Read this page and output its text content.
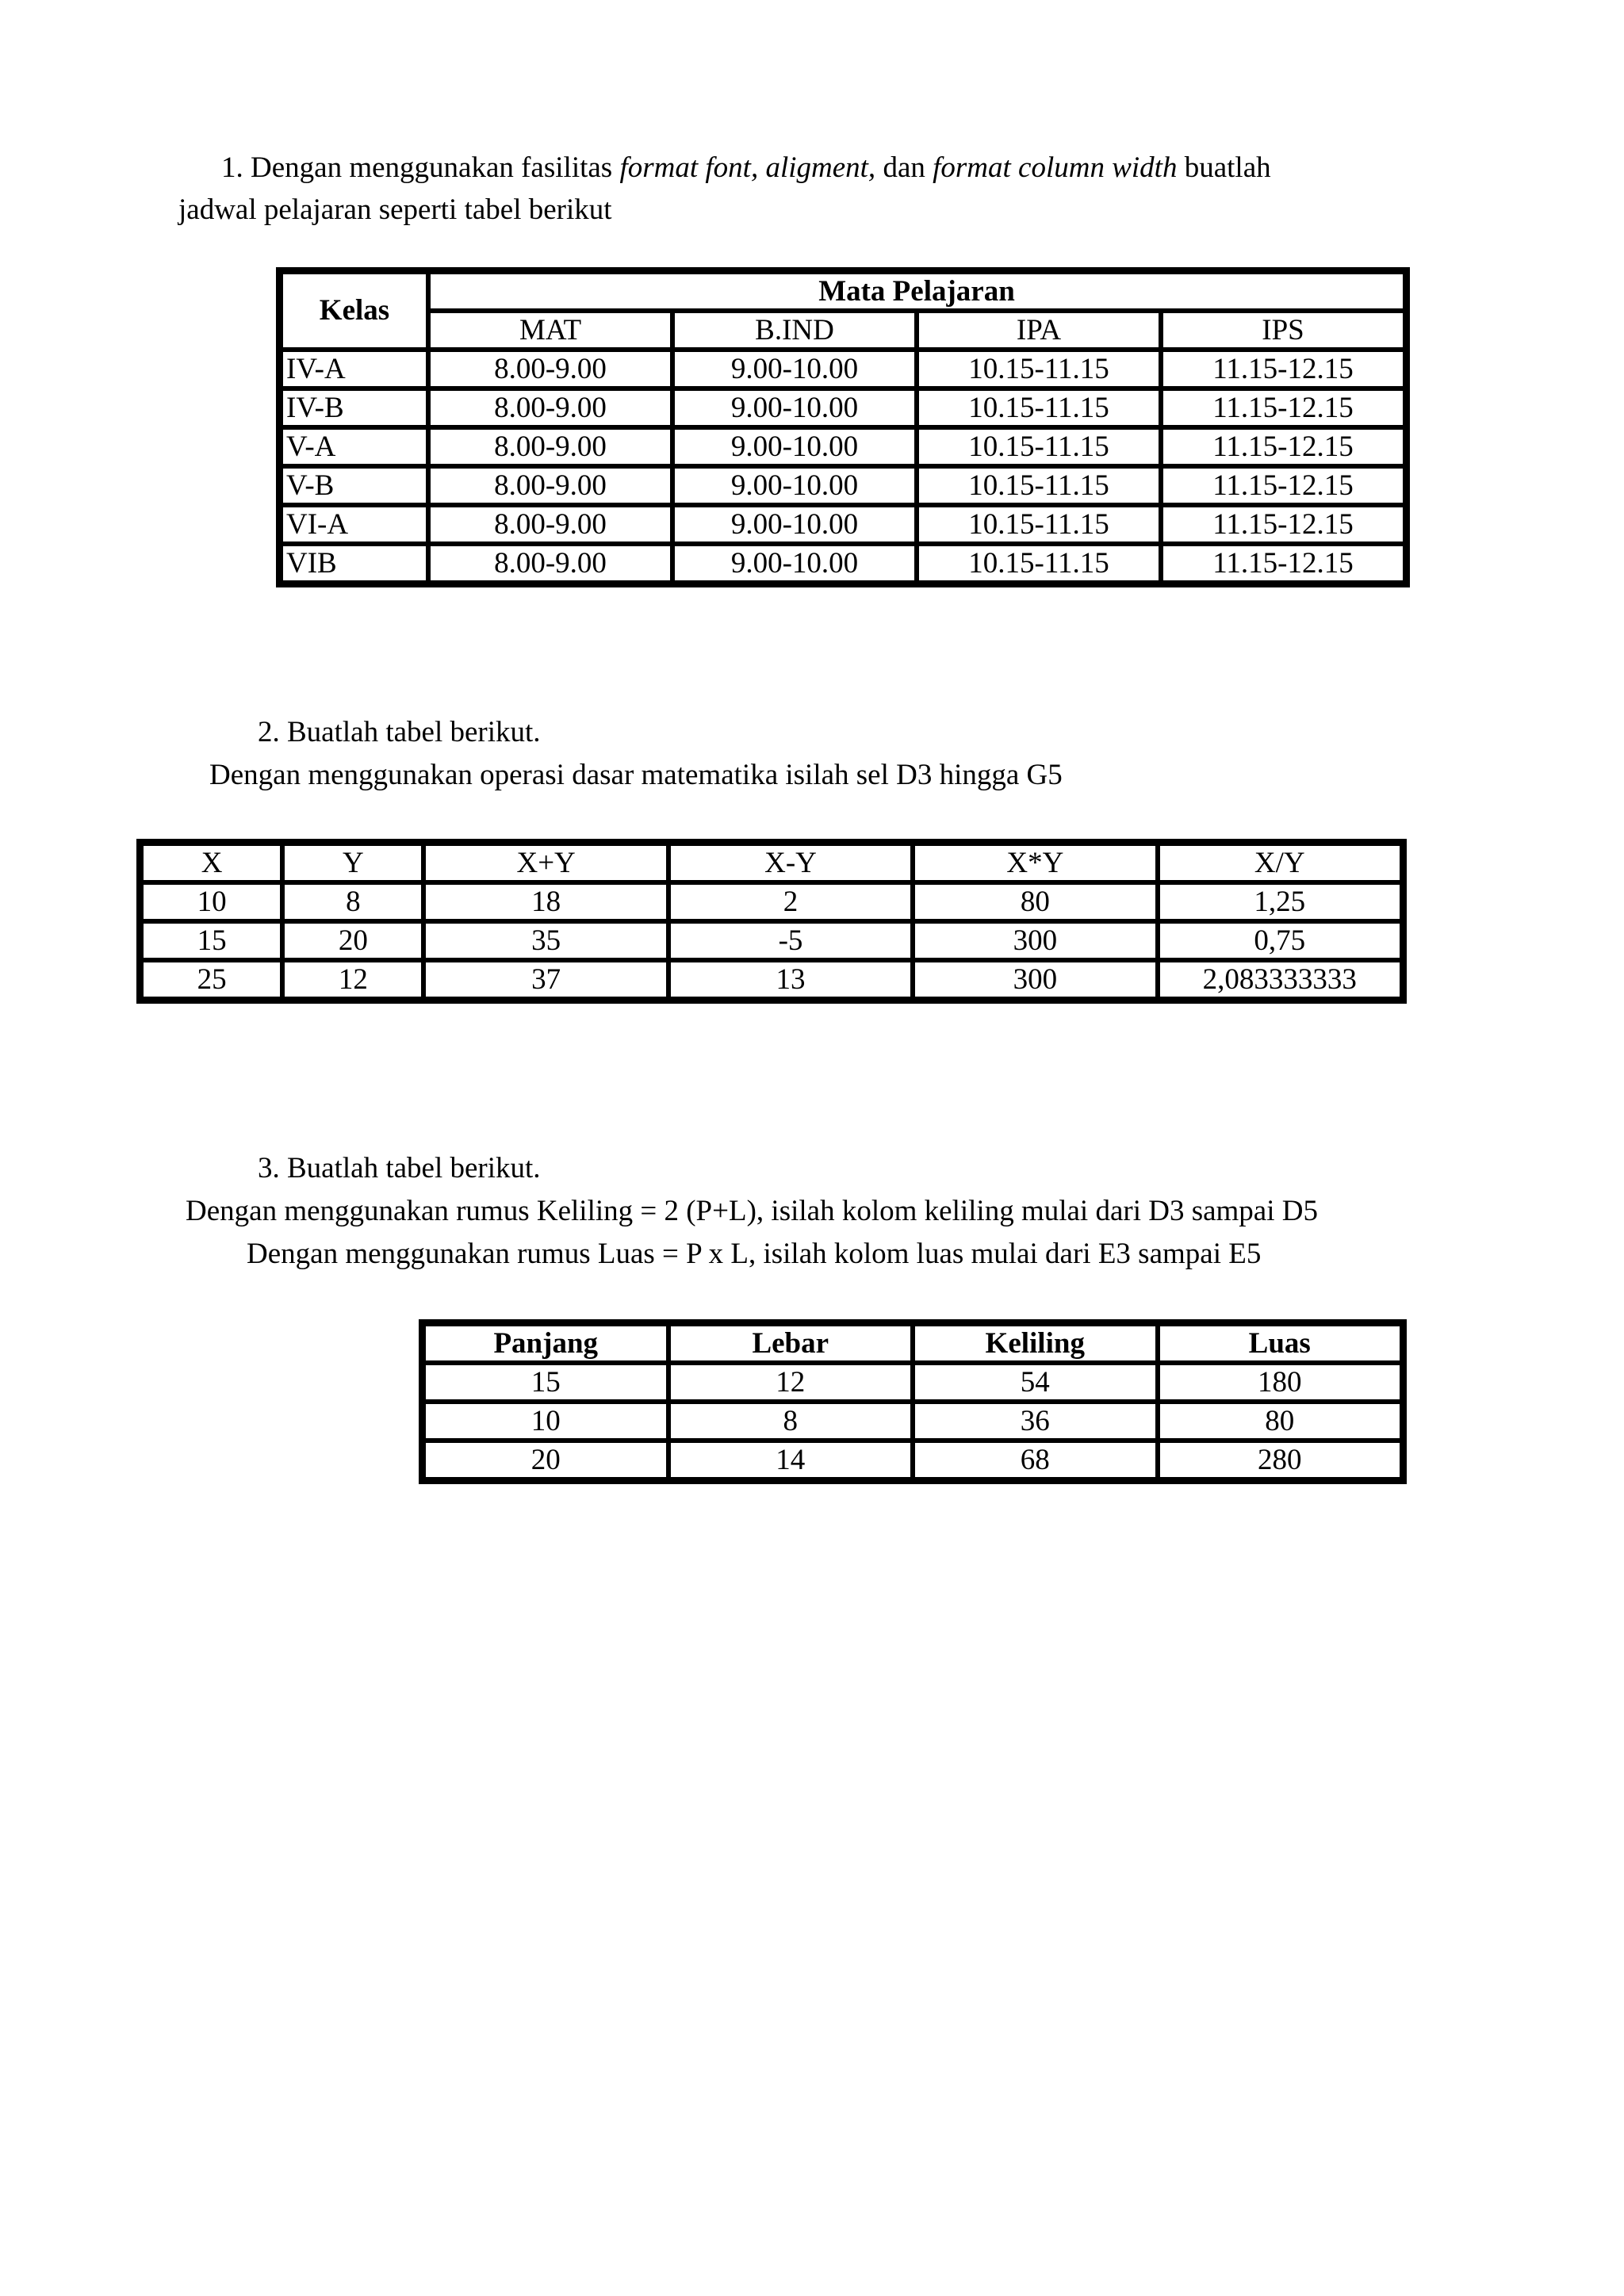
1. Dengan menggunakan fasilitas format font, aligment, dan format column width buatlah
jadwal pelajaran seperti tabel berikut
Kelas	Mata Pelajaran			
	MAT	B.IND	IPA	IPS
IV-A	8.00-9.00	9.00-10.00	10.15-11.15	11.15-12.15
IV-B	8.00-9.00	9.00-10.00	10.15-11.15	11.15-12.15
V-A	8.00-9.00	9.00-10.00	10.15-11.15	11.15-12.15
V-B	8.00-9.00	9.00-10.00	10.15-11.15	11.15-12.15
VI-A	8.00-9.00	9.00-10.00	10.15-11.15	11.15-12.15
VIB	8.00-9.00	9.00-10.00	10.15-11.15	11.15-12.15
2. Buatlah tabel berikut.
Dengan menggunakan operasi dasar matematika isilah sel D3 hingga G5
X	Y	X+Y	X-Y	X*Y	X/Y
10	8	18	2	80	1,25
15	20	35	-5	300	0,75
25	12	37	13	300	2,083333333
3. Buatlah tabel berikut.
Dengan menggunakan rumus Keliling = 2 (P+L), isilah kolom keliling mulai dari D3 sampai D5
Dengan menggunakan rumus Luas = P x L, isilah kolom luas mulai dari E3 sampai E5
Panjang	Lebar	Keliling	Luas
15	12	54	180
10	8	36	80
20	14	68	280
